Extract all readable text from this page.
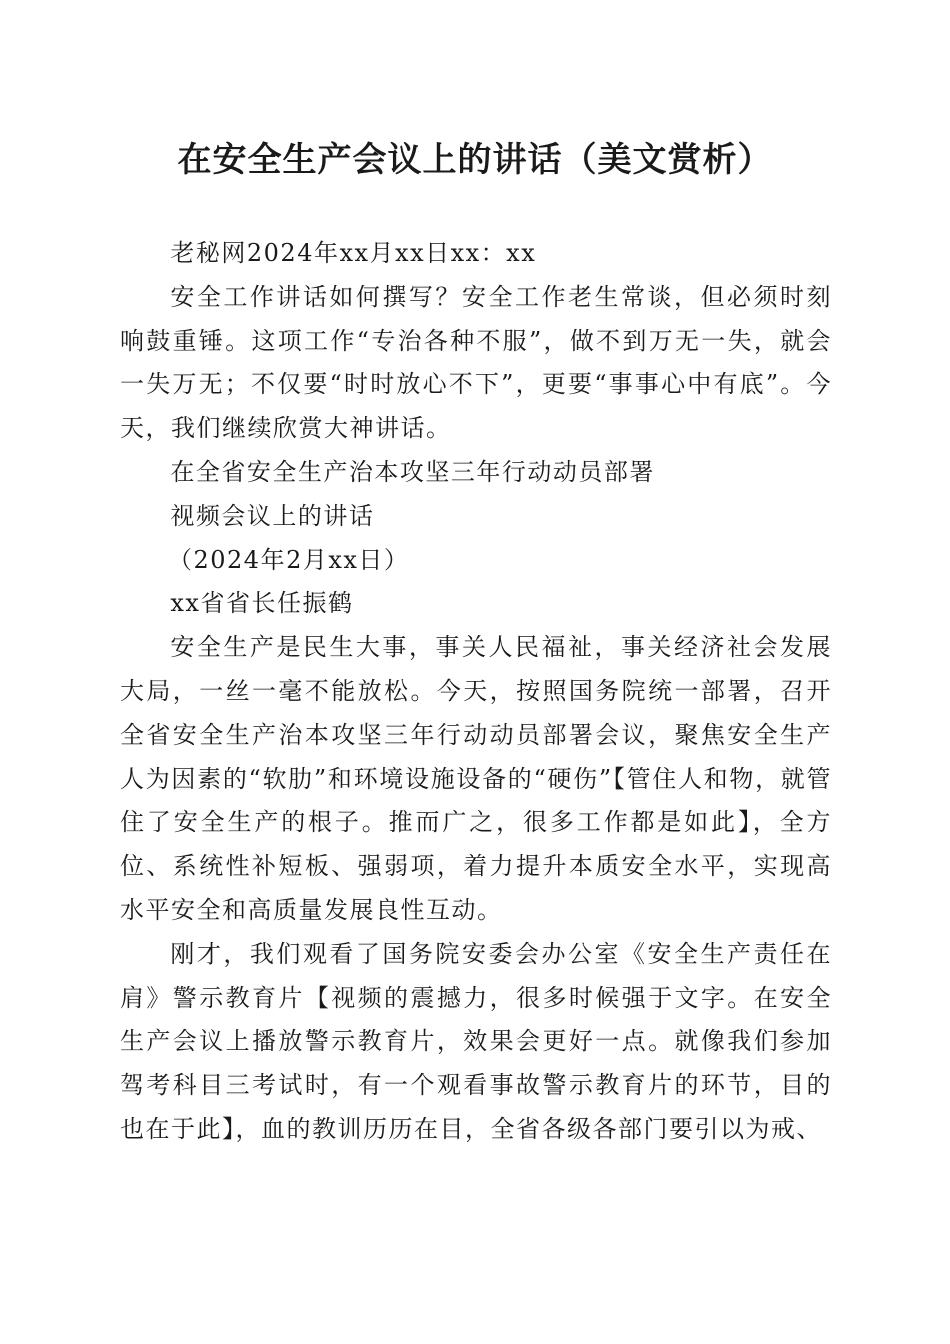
在安全生产会议上的讲话（美文赏析）

老秘网2024年xx月xx日xx：xx

安全工作讲话如何撰写？安全工作老生常谈，但必须时刻响鼓重锤。这项工作“专治各种不服”，做不到万无一失，就会一失万无；不仅要“时时放心不下”，更要“事事心中有底”。今天，我们继续欣赏大神讲话。

在全省安全生产治本攻坚三年行动动员部署

视频会议上的讲话

（2024年2月xx日）

xx省省长任振鹤

安全生产是民生大事，事关人民福祉，事关经济社会发展大局，一丝一毫不能放松。今天，按照国务院统一部署，召开全省安全生产治本攻坚三年行动动员部署会议，聚焦安全生产人为因素的“软肋”和环境设施设备的“硬伤”【管住人和物，就管住了安全生产的根子。推而广之，很多工作都是如此】，全方位、系统性补短板、强弱项，着力提升本质安全水平，实现高水平安全和高质量发展良性互动。

刚才，我们观看了国务院安委会办公室《安全生产责任在肩》警示教育片【视频的震撼力，很多时候强于文字。在安全生产会议上播放警示教育片，效果会更好一点。就像我们参加驾考科目三考试时，有一个观看事故警示教育片的环节，目的也在于此】，血的教训历历在目，全省各级各部门要引以为戒、
